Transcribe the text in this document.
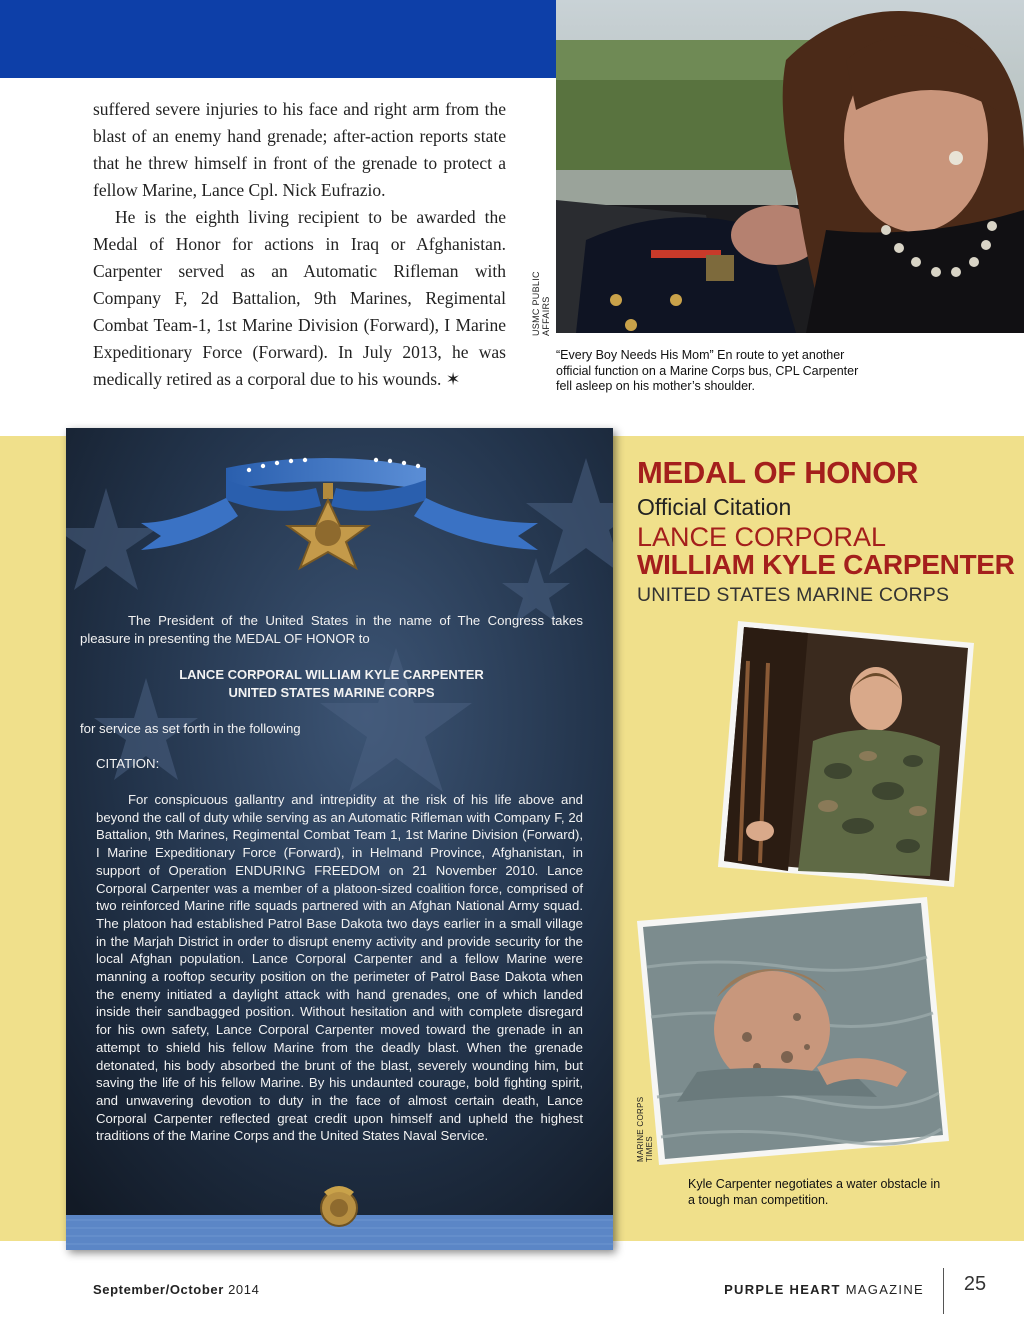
suffered severe injuries to his face and right arm from the blast of an enemy hand grenade; after-action reports state that he threw himself in front of the grenade to protect a fellow Marine, Lance Cpl. Nick Eufrazio.

He is the eighth living recipient to be awarded the Medal of Honor for actions in Iraq or Afghanistan. Carpenter served as an Automatic Rifleman with Company F, 2d Battalion, 9th Marines, Regimental Combat Team-1, 1st Marine Division (Forward), I Marine Expeditionary Force (Forward). In July 2013, he was medically retired as a corporal due to his wounds. ✶

USMC PUBLIC AFFAIRS
“Every Boy Needs His Mom” En route to yet another official function on a Marine Corps bus, CPL Carpenter fell asleep on his mother’s shoulder.
The President of the United States in the name of The Congress takes pleasure in presenting the MEDAL OF HONOR to
LANCE CORPORAL WILLIAM KYLE CARPENTER
UNITED STATES MARINE CORPS
for service as set forth in the following
CITATION:
For conspicuous gallantry and intrepidity at the risk of his life above and beyond the call of duty while serving as an Automatic Rifleman with Company F, 2d Battalion, 9th Marines, Regimental Combat Team 1, 1st Marine Division (Forward), I Marine Expeditionary Force (Forward), in Helmand Province, Afghanistan, in support of Operation ENDURING FREEDOM on 21 November 2010. Lance Corporal Carpenter was a member of a platoon-sized coalition force, comprised of two reinforced Marine rifle squads partnered with an Afghan National Army squad. The platoon had established Patrol Base Dakota two days earlier in a small village in the Marjah District in order to disrupt enemy activity and provide security for the local Afghan population. Lance Corporal Carpenter and a fellow Marine were manning a rooftop security position on the perimeter of Patrol Base Dakota when the enemy initiated a daylight attack with hand grenades, one of which landed inside their sandbagged position. Without hesitation and with complete disregard for his own safety, Lance Corporal Carpenter moved toward the grenade in an attempt to shield his fellow Marine from the deadly blast. When the grenade detonated, his body absorbed the brunt of the blast, severely wounding him, but saving the life of his fellow Marine. By his undaunted courage, bold fighting spirit, and unwavering devotion to duty in the face of almost certain death, Lance Corporal Carpenter reflected great credit upon himself and upheld the highest traditions of the Marine Corps and the United States Naval Service.
MEDAL OF HONOR
Official Citation
LANCE CORPORAL
WILLIAM KYLE CARPENTER
UNITED STATES MARINE CORPS
MARINE CORPS TIMES
Kyle Carpenter negotiates a water obstacle in a tough man competition.
September/October 2014	PURPLE HEART MAGAZINE	25
